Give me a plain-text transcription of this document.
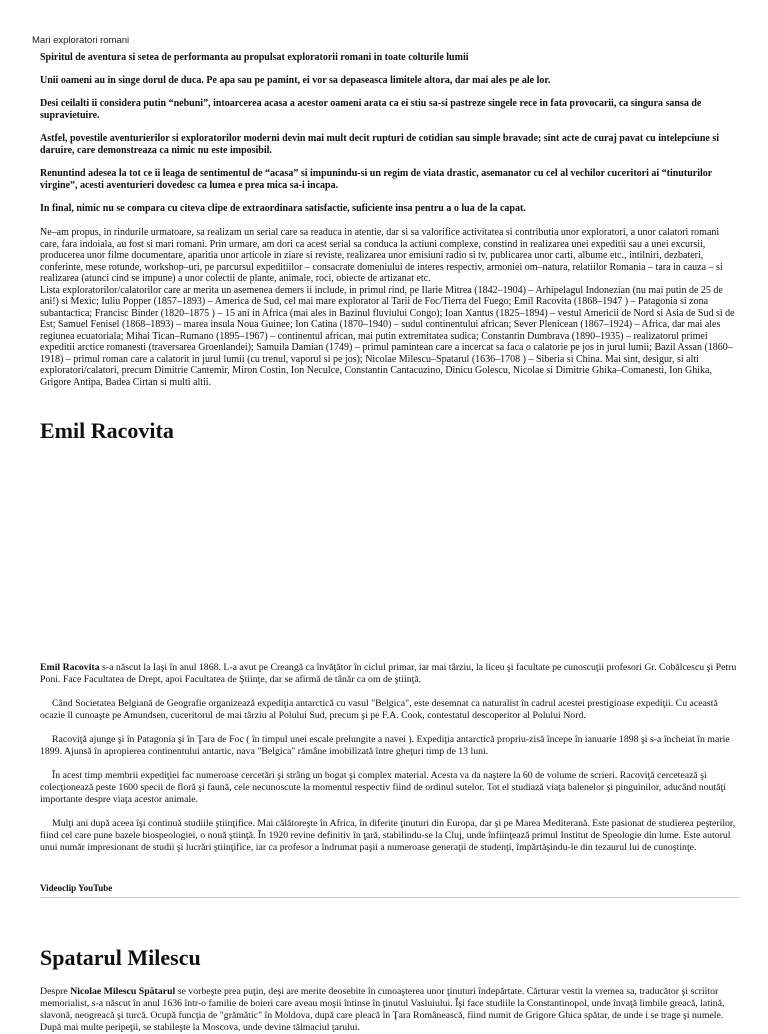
Mari exploratori romani

Spiritul de aventura si setea de performanta au propulsat exploratorii romani in toate colturile lumii

Unii oameni au in singe dorul de duca. Pe apa sau pe pamint, ei vor sa depaseasca limitele altora, dar mai ales pe ale lor.

Desi ceilalti ii considera putin “nebuni”, intoarcerea acasa a acestor oameni arata ca ei stiu sa-si pastreze singele rece in fata provocarii, ca singura sansa de supravietuire.

Astfel, povestile aventurierilor si exploratorilor moderni devin mai mult decit rupturi de cotidian sau simple bravade; sint acte de curaj pavat cu intelepciune si daruire, care demonstreaza ca nimic nu este imposibil.

Renuntind adesea la tot ce ii leaga de sentimentul de “acasa” si impunindu-si un regim de viata drastic, asemanator cu cel al vechilor cuceritori ai “tinuturilor virgine”, acesti aventurieri dovedesc ca lumea e prea mica sa-i incapa.

In final, nimic nu se compara cu citeva clipe de extraordinara satisfactie, suficiente insa pentru a o lua de la capat.

Ne–am propus, in rindurile urmatoare, sa realizam un serial care sa readuca in atentie, dar si sa valorifice activitatea si contributia unor exploratori, a unor calatori romani care, fara indoiala, au fost si mari romani. Prin urmare, am dori ca acest serial sa conduca la actiuni complexe, constind in realizarea unei expeditii sau a unei excursii, producerea unor filme documentare, aparitia unor articole in ziare si reviste, realizarea unor emisiuni radio si tv, publicarea unor carti, albume etc., intilniri, dezbateri, conferinte, mese rotunde, workshop–uri, pe parcursul expeditiilor – consacrate domeniului de interes respectiv, armoniei om–natura, relatiilor Romania – tara in cauza – si realizarea (atunci cind se impune) a unor colectii de plante, animale, roci, obiecte de artizanat etc.

Lista exploratorilor/calatorilor care ar merita un asemenea demers ii include, in primul rind, pe Ilarie Mitrea (1842–1904) – Arhipelagul Indonezian (nu mai putin de 25 de ani!) si Mexic; Iuliu Popper (1857–1893) – America de Sud, cel mai mare explorator al Tarii de Foc/Tierra del Fuego; Emil Racovita (1868–1947 ) – Patagonia si zona subantactica; Francisc Binder (1820–1875 ) – 15 ani in Africa (mai ales in Bazinul fluviului Congo); Ioan Xantus (1825–1894) – vestul Americii de Nord si Asia de Sud si de Est; Samuel Fenisel (1868–1893) – marea insula Noua Guinee; Ion Catina (1870–1940) – sudul continentului african; Sever Plenicean (1867–1924) – Africa, dar mai ales regiunea ecuatoriala; Mihai Tican–Rumano (1895–1967) – continentul african, mai putin extremitatea sudica; Constantin Dumbrava (1890–1935) – realizatorul primei expeditii arctice romanesti (traversarea Groenlandei); Samuila Damian (1749) – primul pamintean care a incercat sa faca o calatorie pe jos in jurul lumii; Bazil Assan (1860–1918) – primul roman care a calatorit in jurul lumii (cu trenul, vaporul si pe jos); Nicolae Milescu–Spatarul (1636–1708 ) – Siberia si China. Mai sint, desigur, si alti exploratori/calatori, precum Dimitrie Cantemir, Miron Costin, Ion Neculce, Constantin Cantacuzino, Dinicu Golescu, Nicolae si Dimitrie Ghika–Comanesti, Ion Ghika, Grigore Antipa, Badea Cirtan si multi altii.

Emil Racovita

Emil Racovita s-a născut la Iaşi în anul 1868. L-a avut pe Creangă ca învăţător în ciclul primar, iar mai târziu, la liceu şi facultate pe cunoscuţii profesori Gr. Cobălcescu şi Petru Poni. Face Facultatea de Drept, apoi Facultatea de Ştiinţe, dar se afirmă de tânăr ca om de ştiinţă.

Când Societatea Belgiană de Geografie organizează expediţia antarctică cu vasul "Belgica", este desemnat ca naturalist în cadrul acestei prestigioase expediţii. Cu această ocazie îl cunoaşte pe Amundsen, cuceritorul de mai târziu al Polului Sud, precum şi pe F.A. Cook, contestatul descoperitor al Polului Nord.

Racoviţă ajunge şi în Patagonia şi în Ţara de Foc ( în timpul unei escale prelungite a navei ). Expediţia antarctică propriu-zisă începe în ianuarie 1898 şi s-a încheiat în marie 1899. Ajunsă în apropierea continentului antartic, nava "Belgica" rămâne imobilizată între gheţuri timp de 13 luni.

În acest timp membrii expediţiei fac numeroase cercetări şi strâng un bogat şi complex material. Acesta va da naştere la 60 de volume de scrieri. Racoviţă cercetează şi colecţionează peste 1600 specii de floră şi faună, cele necunoscute la momentul respectiv fiind de ordinul sutelor. Tot el studiază viaţa balenelor şi pinguinilor, aducând noutăţi importante despre viaţa acestor animale.

Mulţi ani după aceea îşi continuă studiile ştiinţifice. Mai călătoreşte în Africa, în diferite ţinuturi din Europa, dar şi pe Marea Mediterană. Este pasionat de studierea peşterilor, fiind cel care pune bazele biospeologiei, o nouă ştiinţă. În 1920 revine definitiv în ţară, stabilindu-se la Cluj, unde înfiinţează primul Institut de Speologie din lume. Este autorul unui număr impresionant de studii şi lucrări ştiinţifice, iar ca profesor a îndrumat paşii a numeroase generaţii de studenţi, împărtăşindu-le din tezaurul lui de cunoştinţe.

Videoclip YouTube
Spatarul Milescu

Despre Nicolae Milescu Spătarul se vorbeşte prea puţin, deşi are merite deosebite în cunoaşterea unor ţinuturi îndepărtate. Cărturar vestit la vremea sa, traducător şi scriitor memorialist, s-a născut în anul 1636 într-o familie de boieri care aveau moşii întinse în ţinutul Vasluiului. Îşi face studiile la Constantinopol, unde învaţă limbile greacă, latină, slavonă, neogreacă şi turcă. Ocupă funcţia de "grămătic" în Moldova, după care pleacă în Ţara Românească, fiind numit de Grigore Ghica spătar, de unde i se trage şi numele. După mai multe peripeţii, se stabileşte la Moscova, unde devine tălmaciul ţarului.
